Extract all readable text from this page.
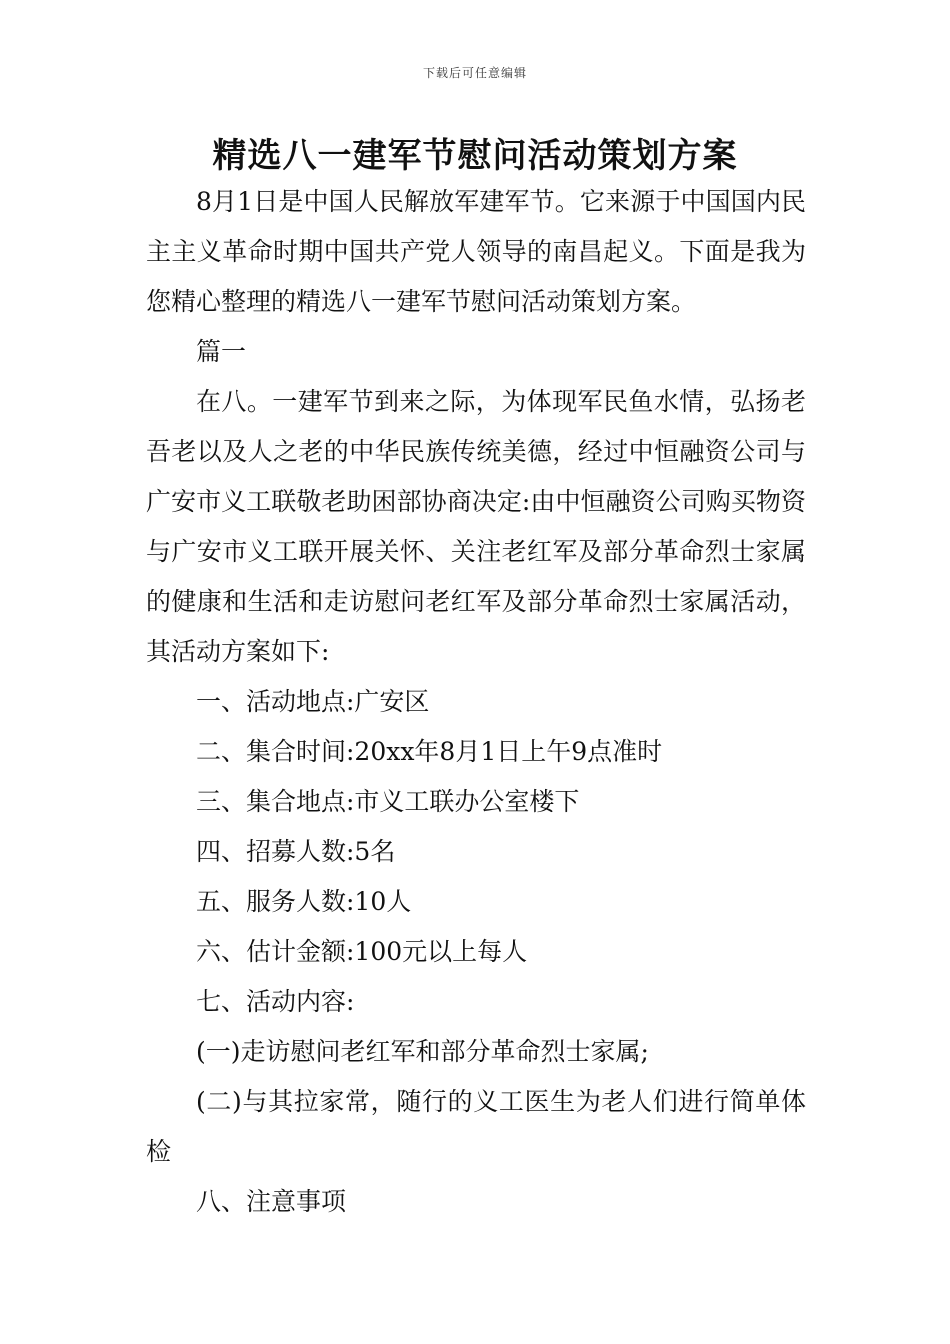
下载后可任意编辑
精选八一建军节慰问活动策划方案

8月1日是中国人民解放军建军节。它来源于中国国内民主主义革命时期中国共产党人领导的南昌起义。下面是我为您精心整理的精选八一建军节慰问活动策划方案。

篇一

在八。一建军节到来之际，为体现军民鱼水情，弘扬老吾老以及人之老的中华民族传统美德，经过中恒融资公司与广安市义工联敬老助困部协商决定:由中恒融资公司购买物资与广安市义工联开展关怀、关注老红军及部分革命烈士家属的健康和生活和走访慰问老红军及部分革命烈士家属活动，其活动方案如下:

一、活动地点:广安区

二、集合时间:20xx年8月1日上午9点准时

三、集合地点:市义工联办公室楼下

四、招募人数:5名

五、服务人数:10人

六、估计金额:100元以上每人

七、活动内容:

(一)走访慰问老红军和部分革命烈士家属;

(二)与其拉家常，随行的义工医生为老人们进行简单体检

八、注意事项
